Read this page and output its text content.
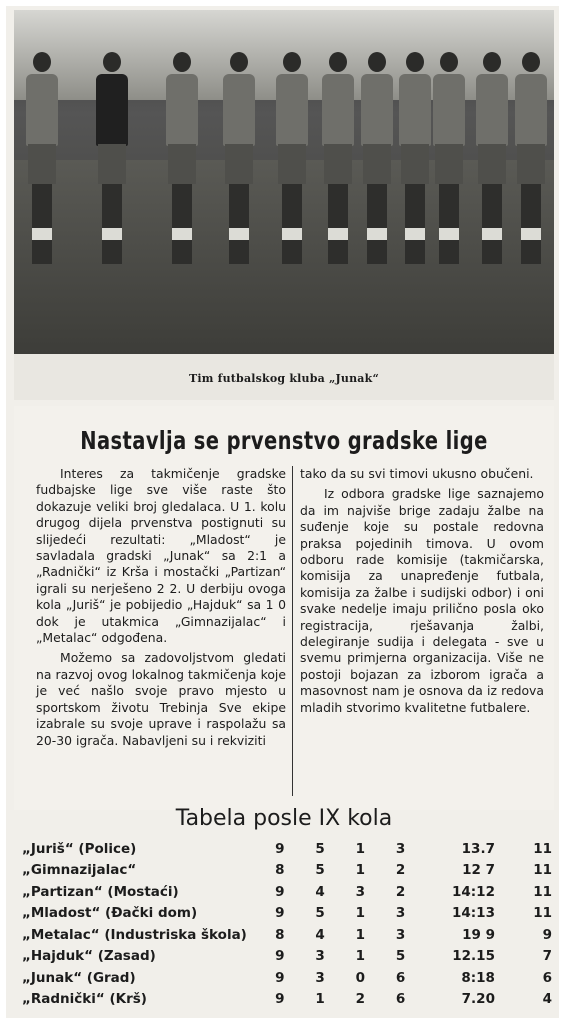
Tim futbalskog kluba „Junak“
Nastavlja se prvenstvo gradske lige

Interes za takmičenje gradske fudbajske lige sve više raste što dokazuje veliki broj gledalaca. U 1. kolu drugog dijela prvenstva postignuti su slijedeći rezultati: „Mladost“ je savladala gradski „Junak“ sa 2:1 a „Radnički“ iz Krša i mostački „Partizan“ igrali su nerješeno 2 2. U derbiju ovoga kola „Juriš“ je pobijedio „Hajduk“ sa 1 0 dok je utakmica „Gimnazijalac“ i „Metalac“ odgođena.

Možemo sa zadovoljstvom gledati na razvoj ovog lokalnog takmičenja koje je već našlo svoje pravo mjesto u sportskom životu Trebinja Sve ekipe izabrale su svoje uprave i raspolažu sa 20-30 igrača. Nabavljeni su i rekviziti

tako da su svi timovi ukusno obučeni.

Iz odbora gradske lige saznajemo da im najviše brige zadaju žalbe na suđenje koje su postale redovna praksa pojedinih timova. U ovom odboru rade komisije (takmičarska, komisija za unapređenje futbala, komisija za žalbe i sudijski odbor) i oni svake nedelje imaju prilično posla oko registracija, rješavanja žalbi, delegiranje sudija i delegata - sve u svemu primjerna organizacija. Više ne postoji bojazan za izborom igrača a masovnost nam je osnova da iz redova mladih stvorimo kvalitetne futbalere.

Tabela posle IX kola
„Juriš“ (Police)	9	5	1	3	13.7	11
„Gimnazijalac“	8	5	1	2	12 7	11
„Partizan“ (Mostaći)	9	4	3	2	14:12	11
„Mladost“ (Đački dom)	9	5	1	3	14:13	11
„Metalac“ (Industriska škola)	8	4	1	3	19 9	9
„Hajduk“ (Zasad)	9	3	1	5	12.15	7
„Junak“ (Grad)	9	3	0	6	8:18	6
„Radnički“ (Krš)	9	1	2	6	7.20	4
